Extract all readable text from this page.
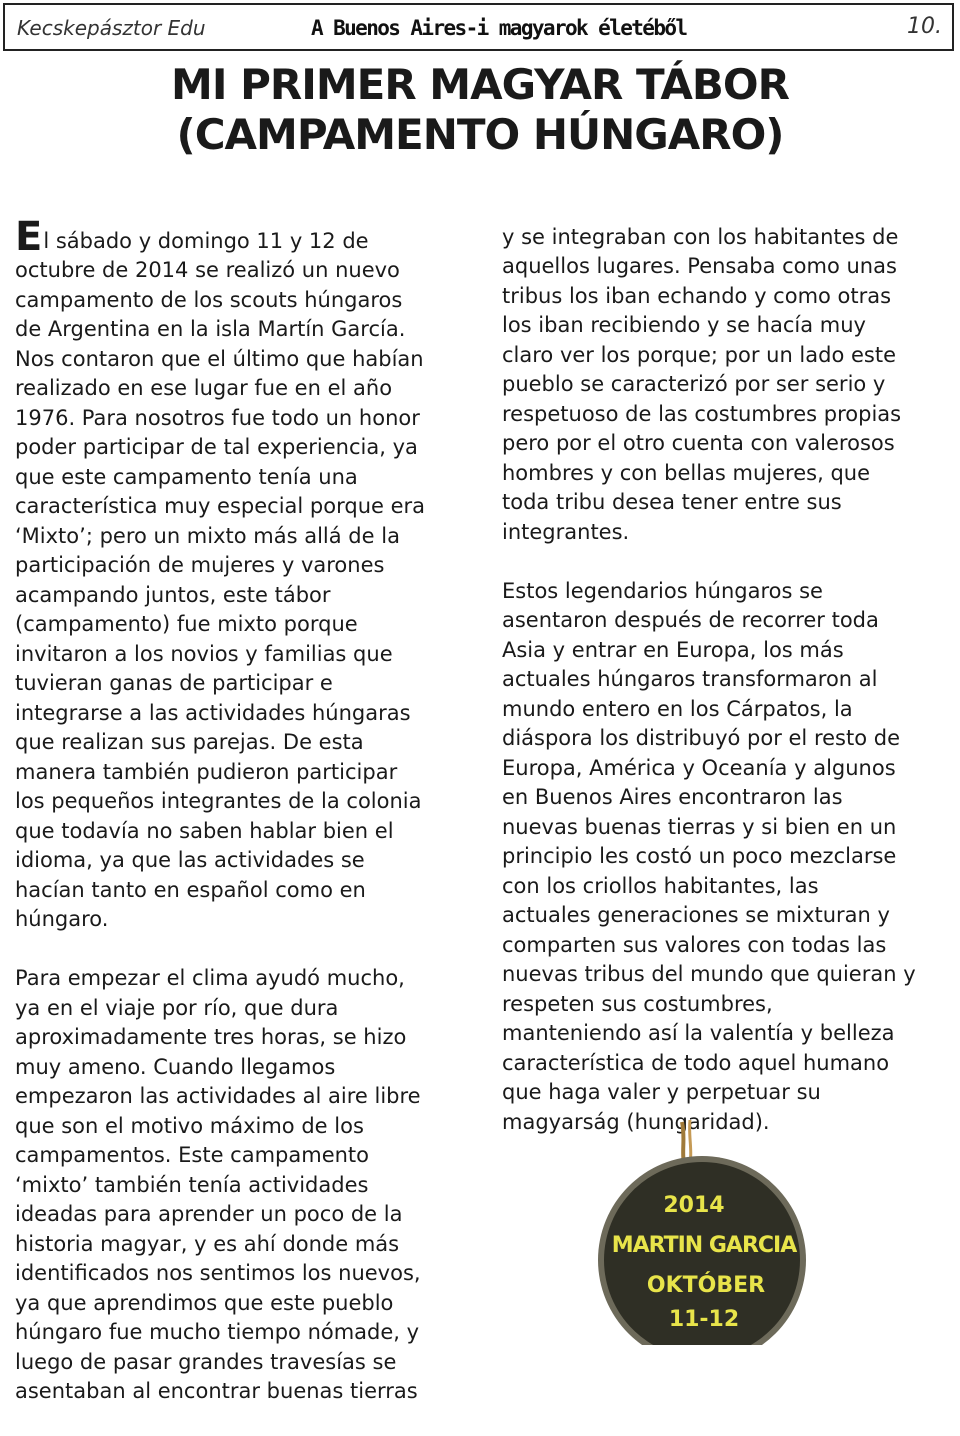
Kecskepásztor Edu	A Buenos Aires-i magyarok életéből	10.
MI PRIMER MAGYAR TÁBOR
(CAMPAMENTO HÚNGARO)

El sábado y domingo 11 y 12 de
octubre de 2014 se realizó un nuevo
campamento de los scouts húngaros
de Argentina en la isla Martín García.
Nos contaron que el último que habían
realizado en ese lugar fue en el año
1976. Para nosotros fue todo un honor
poder participar de tal experiencia, ya
que este campamento tenía una
característica muy especial porque era
‘Mixto’; pero un mixto más allá de la
participación de mujeres y varones
acampando juntos, este tábor
(campamento) fue mixto porque
invitaron a los novios y familias que
tuvieran ganas de participar e
integrarse a las actividades húngaras
que realizan sus parejas. De esta
manera también pudieron participar
los pequeños integrantes de la colonia
que todavía no saben hablar bien el
idioma, ya que las actividades se
hacían tanto en español como en
húngaro.

Para empezar el clima ayudó mucho,
ya en el viaje por río, que dura
aproximadamente tres horas, se hizo
muy ameno. Cuando llegamos
empezaron las actividades al aire libre
que son el motivo máximo de los
campamentos. Este campamento
‘mixto’ también tenía actividades
ideadas para aprender un poco de la
historia magyar, y es ahí donde más
identificados nos sentimos los nuevos,
ya que aprendimos que este pueblo
húngaro fue mucho tiempo nómade, y
luego de pasar grandes travesías se
asentaban al encontrar buenas tierras

y se integraban con los habitantes de
aquellos lugares. Pensaba como unas
tribus los iban echando y como otras
los iban recibiendo y se hacía muy
claro ver los porque; por un lado este
pueblo se caracterizó por ser serio y
respetuoso de las costumbres propias
pero por el otro cuenta con valerosos
hombres y con bellas mujeres, que
toda tribu desea tener entre sus
integrantes.

Estos legendarios húngaros se
asentaron después de recorrer toda
Asia y entrar en Europa, los más
actuales húngaros transformaron al
mundo entero en los Cárpatos, la
diáspora los distribuyó por el resto de
Europa, América y Oceanía y algunos
en Buenos Aires encontraron las
nuevas buenas tierras y si bien en un
principio les costó un poco mezclarse
con los criollos habitantes, las
actuales generaciones se mixturan y
comparten sus valores con todas las
nuevas tribus del mundo que quieran y
respeten sus costumbres,
manteniendo así la valentía y belleza
característica de todo aquel humano
que haga valer y perpetuar su
magyarság (hungaridad).

2014
MARTIN GARCIA
OKTÓBER
11-12
